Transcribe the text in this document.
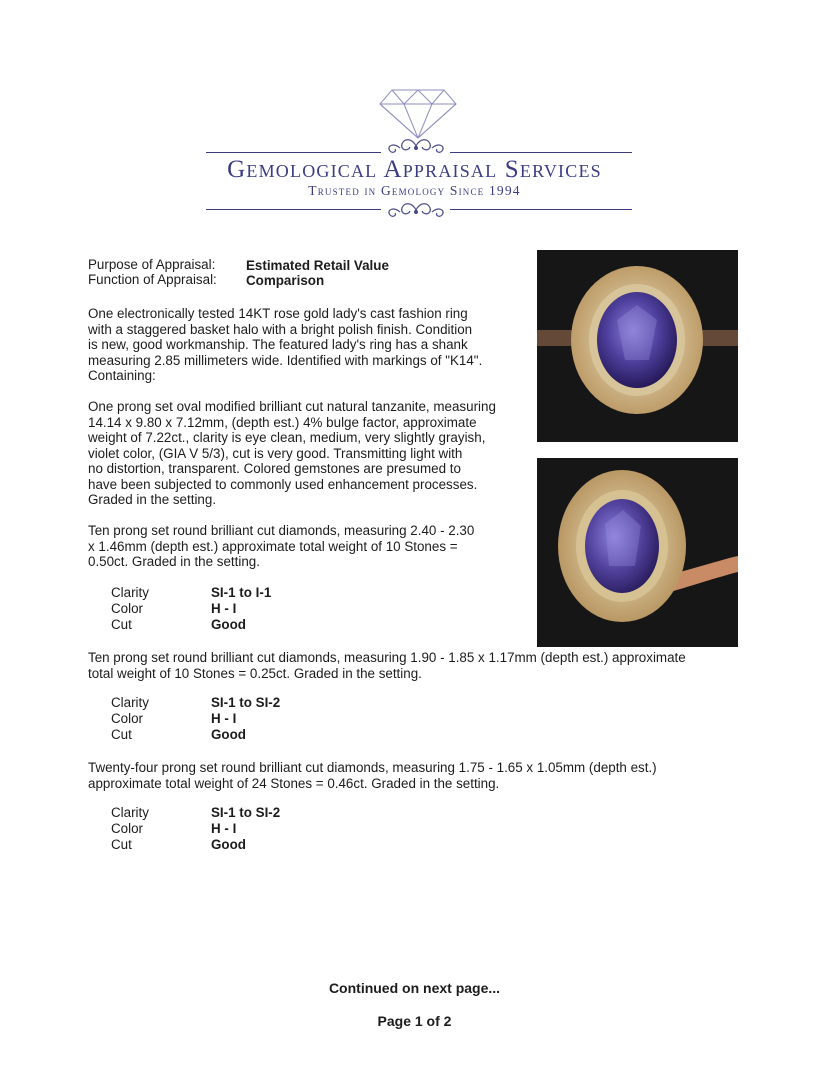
Gemological Appraisal Services
Trusted in Gemology Since 1994
Purpose of Appraisal: Estimated Retail Value
Function of Appraisal: Comparison
One electronically tested 14KT rose gold lady's cast fashion ring
with a staggered basket halo with a bright polish finish. Condition
is new, good workmanship. The featured lady's ring has a shank
measuring 2.85 millimeters wide. Identified with markings of "K14".
Containing:
One prong set oval modified brilliant cut natural tanzanite, measuring
14.14 x 9.80 x 7.12mm, (depth est.) 4% bulge factor, approximate
weight of 7.22ct., clarity is eye clean, medium, very slightly grayish,
violet color, (GIA V 5/3), cut is very good. Transmitting light with
no distortion, transparent. Colored gemstones are presumed to
have been subjected to commonly used enhancement processes.
Graded in the setting.
Ten prong set round brilliant cut diamonds, measuring 2.40 - 2.30
x 1.46mm (depth est.) approximate total weight of 10 Stones =
0.50ct. Graded in the setting.
Clarity	SI-1 to I-1
Color	H - I
Cut	Good
Ten prong set round brilliant cut diamonds, measuring 1.90 - 1.85 x 1.17mm (depth est.) approximate
total weight of 10 Stones = 0.25ct. Graded in the setting.
Clarity	SI-1 to SI-2
Color	H - I
Cut	Good
Twenty-four prong set round brilliant cut diamonds, measuring 1.75 - 1.65 x 1.05mm (depth est.)
approximate total weight of 24 Stones = 0.46ct. Graded in the setting.
Clarity	SI-1 to SI-2
Color	H - I
Cut	Good
Continued on next page...
Page 1 of 2
